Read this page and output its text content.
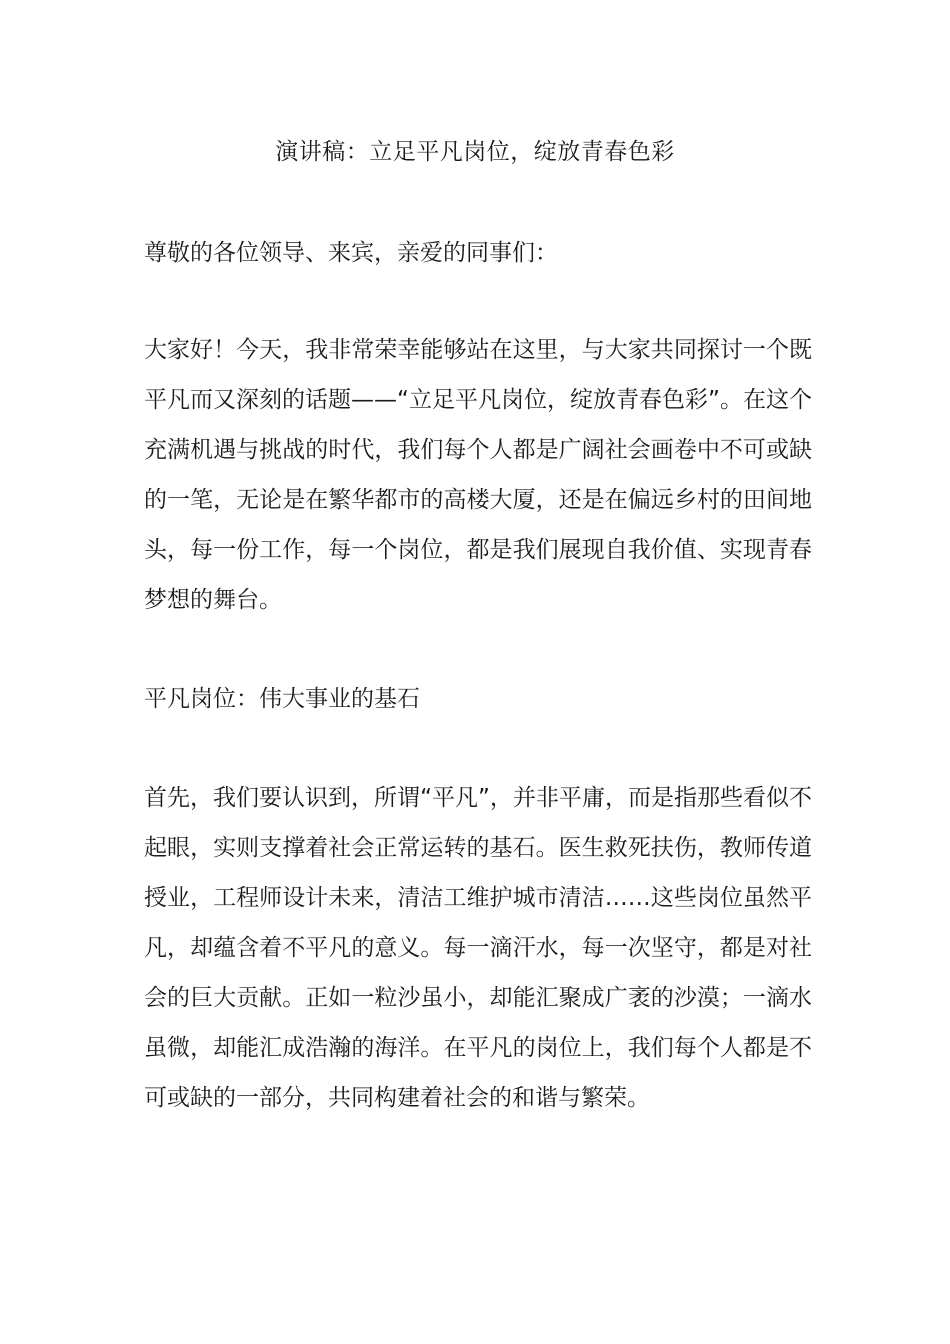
演讲稿：立足平凡岗位，绽放青春色彩

尊敬的各位领导、来宾，亲爱的同事们：

大家好！今天，我非常荣幸能够站在这里，与大家共同探讨一个既平凡而又深刻的话题——“立足平凡岗位，绽放青春色彩”。在这个充满机遇与挑战的时代，我们每个人都是广阔社会画卷中不可或缺的一笔，无论是在繁华都市的高楼大厦，还是在偏远乡村的田间地头，每一份工作，每一个岗位，都是我们展现自我价值、实现青春梦想的舞台。

平凡岗位：伟大事业的基石

首先，我们要认识到，所谓“平凡”，并非平庸，而是指那些看似不起眼，实则支撑着社会正常运转的基石。医生救死扶伤，教师传道授业，工程师设计未来，清洁工维护城市清洁……这些岗位虽然平凡，却蕴含着不平凡的意义。每一滴汗水，每一次坚守，都是对社会的巨大贡献。正如一粒沙虽小，却能汇聚成广袤的沙漠；一滴水虽微，却能汇成浩瀚的海洋。在平凡的岗位上，我们每个人都是不可或缺的一部分，共同构建着社会的和谐与繁荣。
